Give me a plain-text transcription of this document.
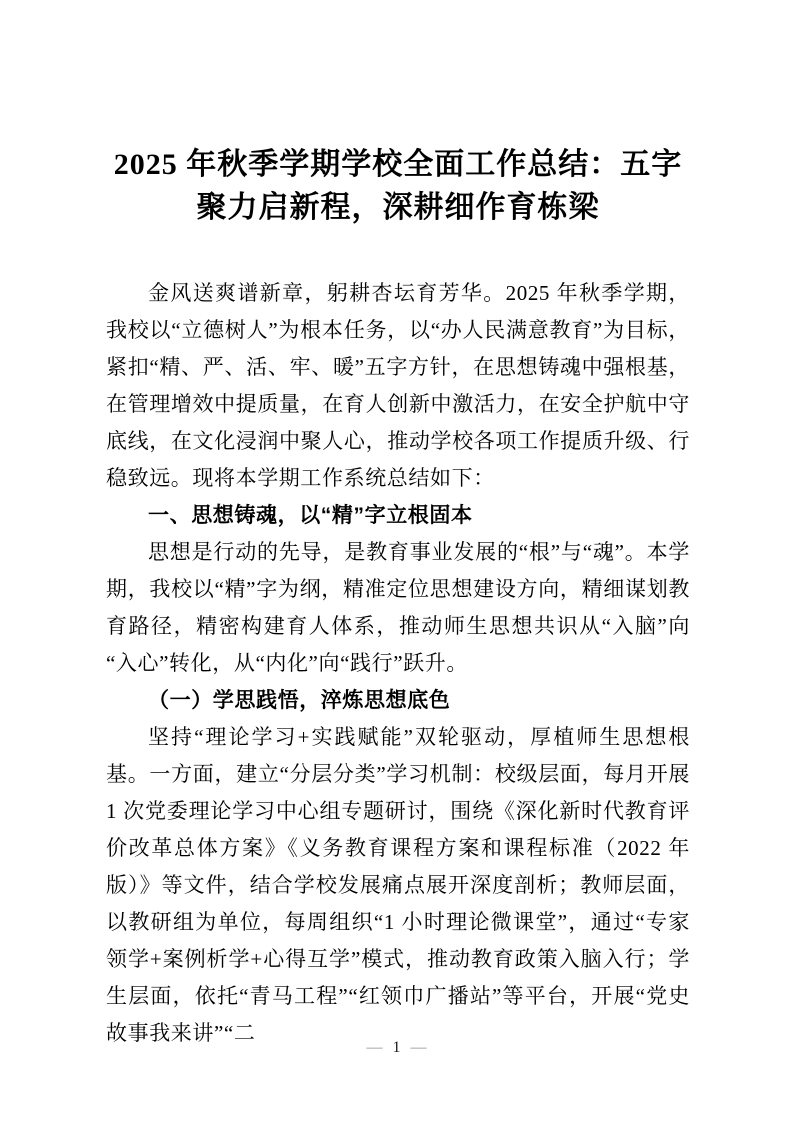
2025 年秋季学期学校全面工作总结：五字
聚力启新程，深耕细作育栋梁

金风送爽谱新章，躬耕杏坛育芳华。2025 年秋季学期，我校以“立德树人”为根本任务，以“办人民满意教育”为目标，紧扣“精、严、活、牢、暖”五字方针，在思想铸魂中强根基，在管理增效中提质量，在育人创新中激活力，在安全护航中守底线，在文化浸润中聚人心，推动学校各项工作提质升级、行稳致远。现将本学期工作系统总结如下：

一、思想铸魂，以“精”字立根固本

思想是行动的先导，是教育事业发展的“根”与“魂”。本学期，我校以“精”字为纲，精准定位思想建设方向，精细谋划教育路径，精密构建育人体系，推动师生思想共识从“入脑”向“入心”转化，从“内化”向“践行”跃升。

（一）学思践悟，淬炼思想底色

坚持“理论学习+实践赋能”双轮驱动，厚植师生思想根基。一方面，建立“分层分类”学习机制：校级层面，每月开展 1 次党委理论学习中心组专题研讨，围绕《深化新时代教育评价改革总体方案》《义务教育课程方案和课程标准（2022 年版）》等文件，结合学校发展痛点展开深度剖析；教师层面，以教研组为单位，每周组织“1 小时理论微课堂”，通过“专家领学+案例析学+心得互学”模式，推动教育政策入脑入行；学生层面，依托“青马工程”“红领巾广播站”等平台，开展“党史故事我来讲”“二

— 1 —
